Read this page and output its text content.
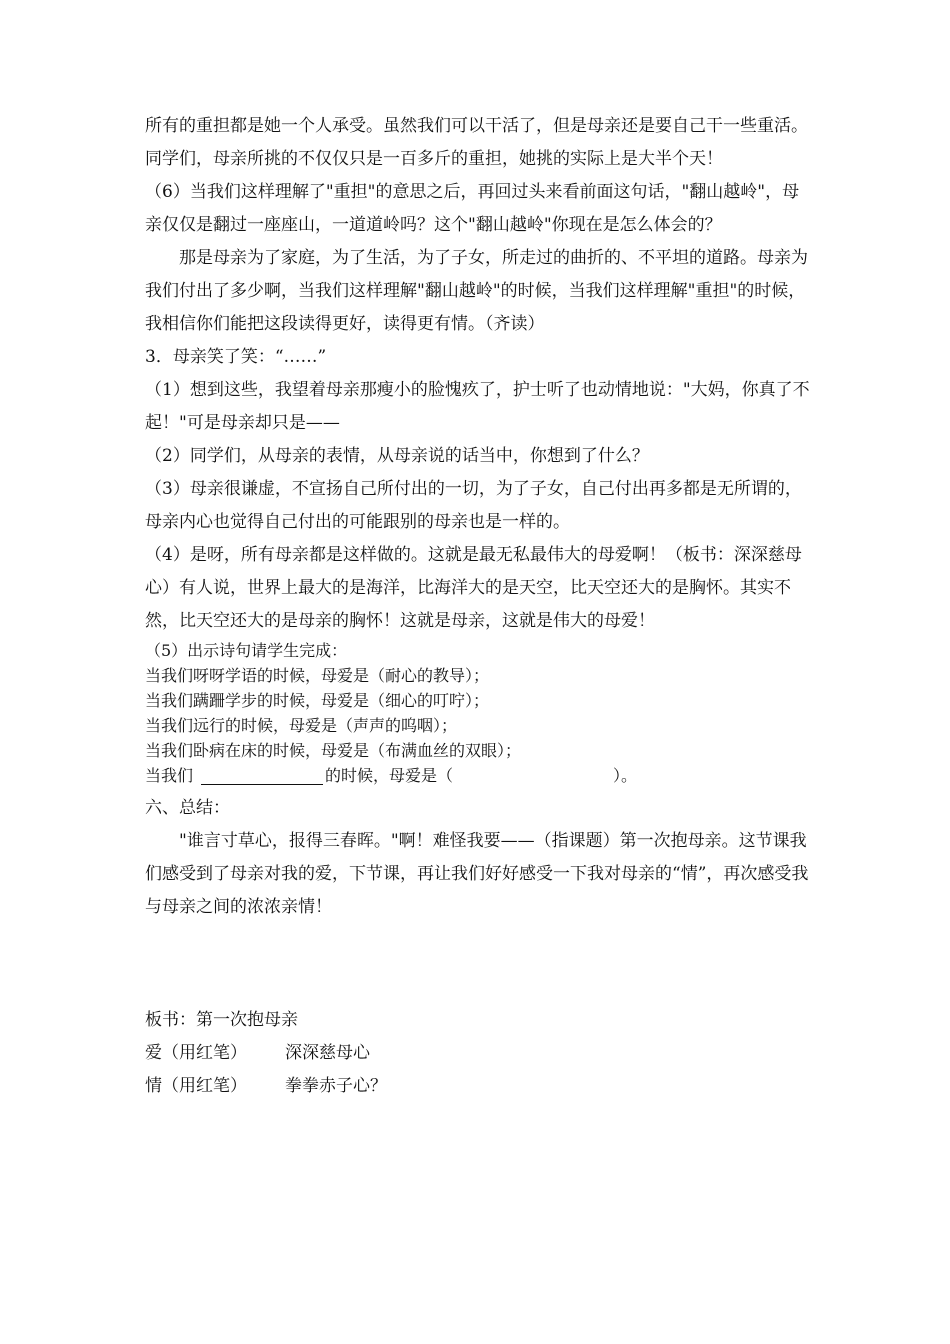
所有的重担都是她一个人承受。虽然我们可以干活了，但是母亲还是要自己干一些重活。同学们，母亲所挑的不仅仅只是一百多斤的重担，她挑的实际上是大半个天！

（6）当我们这样理解了"重担"的意思之后，再回过头来看前面这句话，"翻山越岭"，母亲仅仅是翻过一座座山，一道道岭吗？这个"翻山越岭"你现在是怎么体会的？

那是母亲为了家庭，为了生活，为了子女，所走过的曲折的、不平坦的道路。母亲为我们付出了多少啊，当我们这样理解"翻山越岭"的时候，当我们这样理解"重担"的时候，我相信你们能把这段读得更好，读得更有情。（齐读）

3．母亲笑了笑：“……”

（1）想到这些，我望着母亲那瘦小的脸愧疚了，护士听了也动情地说："大妈，你真了不起！"可是母亲却只是——

（2）同学们，从母亲的表情，从母亲说的话当中，你想到了什么？

（3）母亲很谦虚，不宣扬自己所付出的一切，为了子女，自己付出再多都是无所谓的，母亲内心也觉得自己付出的可能跟别的母亲也是一样的。

（4）是呀，所有母亲都是这样做的。这就是最无私最伟大的母爱啊！（板书：深深慈母心）有人说，世界上最大的是海洋，比海洋大的是天空，比天空还大的是胸怀。其实不然，比天空还大的是母亲的胸怀！这就是母亲，这就是伟大的母爱！

（5）出示诗句请学生完成：

当我们呀呀学语的时候，母爱是（耐心的教导）；

当我们蹒跚学步的时候，母爱是（细心的叮咛）；

当我们远行的时候，母爱是（声声的呜咽）；

当我们卧病在床的时候，母爱是（布满血丝的双眼）；

当我们	的时候，母爱是（	）。

六、总结：

"谁言寸草心，报得三春晖。"啊！难怪我要——（指课题）第一次抱母亲。这节课我们感受到了母亲对我的爱，下节课，再让我们好好感受一下我对母亲的“情”，再次感受我与母亲之间的浓浓亲情！

板书：第一次抱母亲

爱（用红笔） 深深慈母心

情（用红笔） 拳拳赤子心？
